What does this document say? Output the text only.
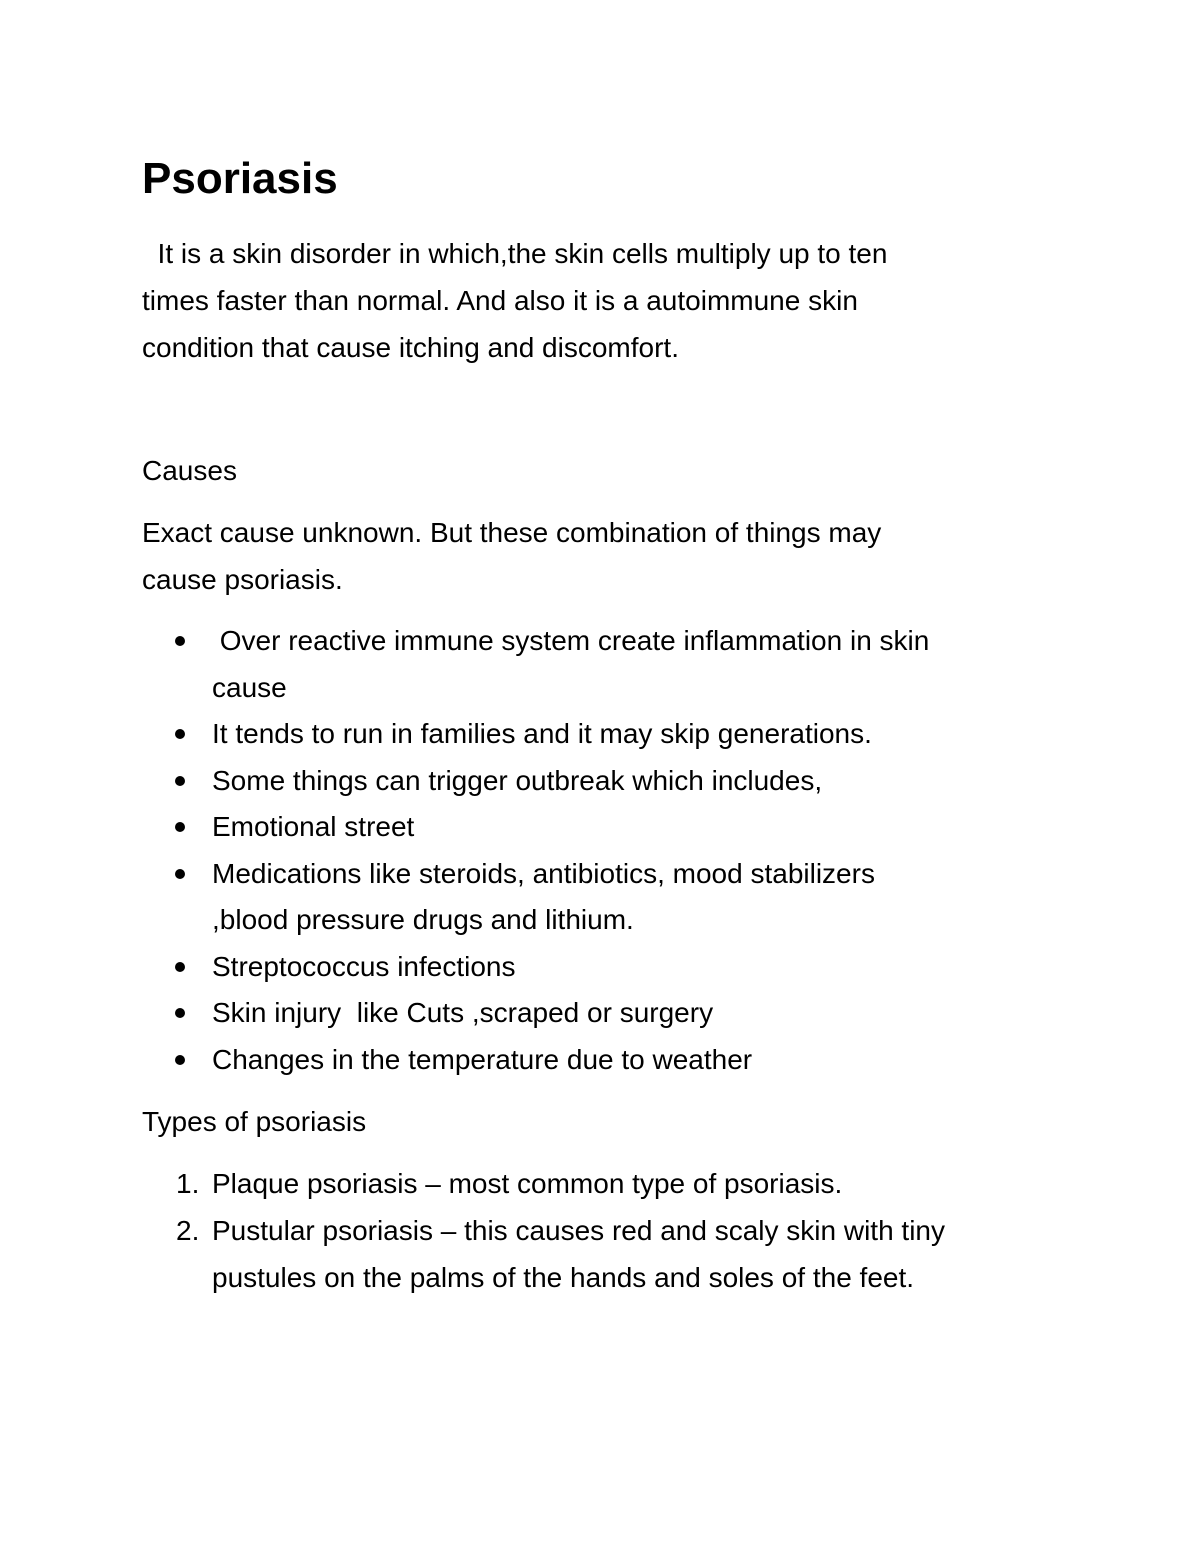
Psoriasis

It is a skin disorder in which,the skin cells multiply up to ten
times faster than normal. And also it is a autoimmune skin
condition that cause itching and discomfort.

Causes

Exact cause unknown. But these combination of things may
cause psoriasis.

Over reactive immune system create inflammation in skin
cause
It tends to run in families and it may skip generations.
Some things can trigger outbreak which includes,
Emotional street
Medications like steroids, antibiotics, mood stabilizers
,blood pressure drugs and lithium.
Streptococcus infections
Skin injury  like Cuts ,scraped or surgery
Changes in the temperature due to weather
Types of psoriasis
1. Plaque psoriasis – most common type of psoriasis.
2. Pustular psoriasis – this causes red and scaly skin with tiny
pustules on the palms of the hands and soles of the feet.
